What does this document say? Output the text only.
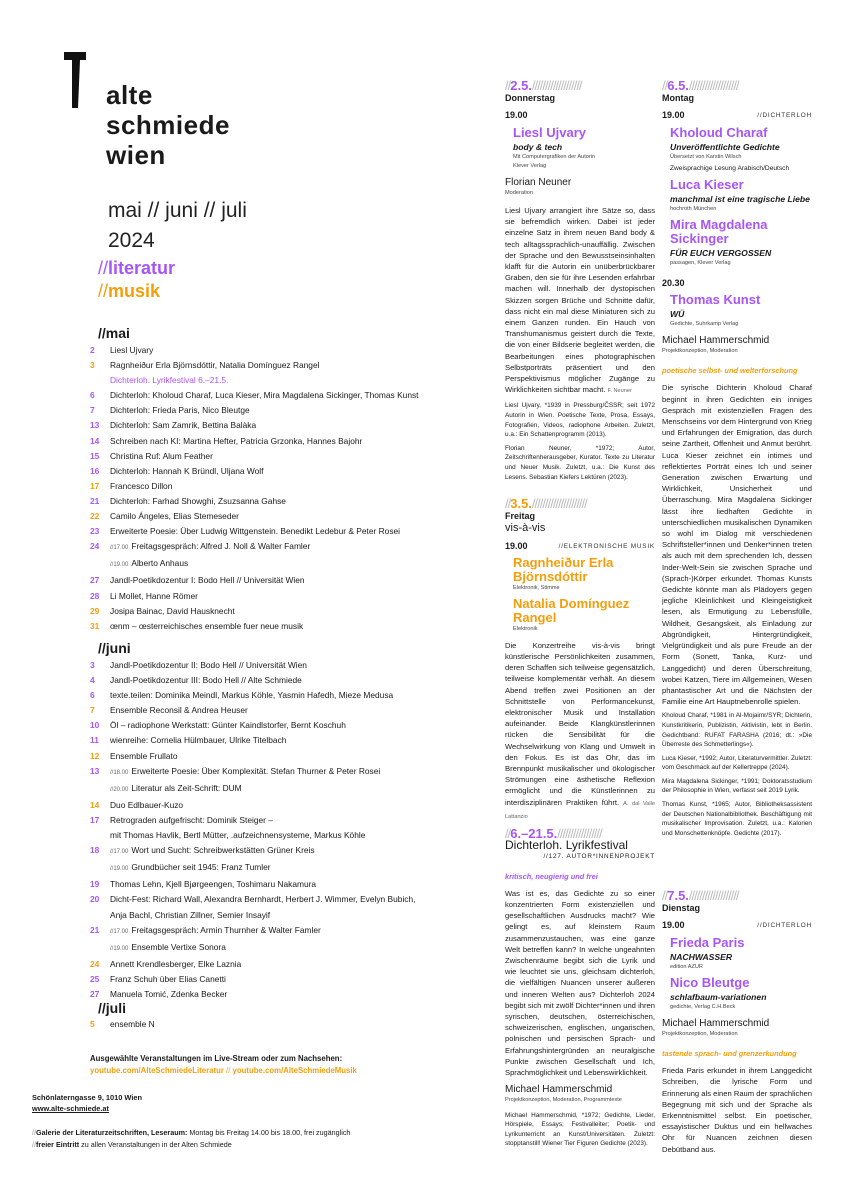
alte
schmiede
wien
mai // juni // juli
2024
//literatur
//musik
//mai
2	Liesl Ujvary
3	Ragnheiður Erla Björnsdóttir, Natalia Domínguez Rangel
Dichterloh. Lyrikfestival 6.–21.5.
6	Dichterloh: Kholoud Charaf, Luca Kieser, Mira Magdalena Sickinger, Thomas Kunst
7	Dichterloh: Frieda Paris, Nico Bleutge
13	Dichterloh: Sam Zamrik, Bettina Balàka
14	Schreiben nach KI: Martina Hefter, Patricia Grzonka, Hannes Bajohr
15	Christina Ruf: Alum Feather
16	Dichterloh: Hannah K Bründl, Uljana Wolf
17	Francesco Dillon
21	Dichterloh: Farhad Showghi, Zsuzsanna Gahse
22	Camilo Ángeles, Elias Stemeseder
23	Erweiterte Poesie: Über Ludwig Wittgenstein. Benedikt Ledebur & Peter Rosei
24	//17.00 Freitagsgespräch: Alfred J. Noll & Walter Famler
//19.00 Alberto Anhaus
27	Jandl-Poetikdozentur I: Bodo Hell // Universität Wien
28	Li Mollet, Hanne Römer
29	Josipa Bainac, David Hausknecht
31	œnm – œsterreichisches ensemble fuer neue musik
//juni
3	Jandl-Poetikdozentur II: Bodo Hell // Universität Wien
4	Jandl-Poetikdozentur III: Bodo Hell // Alte Schmiede
6	texte.teilen: Dominika Meindl, Markus Köhle, Yasmin Hafedh, Mieze Medusa
7	Ensemble Reconsil & Andrea Heuser
10	Öl – radiophone Werkstatt: Günter Kaindlstorfer, Bernt Koschuh
11	wienreihe: Cornelia Hülmbauer, Ulrike Titelbach
12	Ensemble Frullato
13	//18.00 Erweiterte Poesie: Über Komplexität. Stefan Thurner & Peter Rosei
//20.00 Literatur als Zeit-Schrift: DUM
14	Duo Edlbauer-Kuzo
17	Retrograden aufgefrischt: Dominik Steiger –
mit Thomas Havlik, Bertl Mütter, .aufzeichnensysteme, Markus Köhle
18	//17.00 Wort und Sucht: Schreibwerkstätten Grüner Kreis
//19.00 Grundbücher seit 1945: Franz Tumler
19	Thomas Lehn, Kjell Bjørgeengen, Toshimaru Nakamura
20	Dicht-Fest: Richard Wall, Alexandra Bernhardt, Herbert J. Wimmer, Evelyn Bubich,
Anja Bachl, Christian Zillner, Semier Insayif
21	//17.00 Freitagsgespräch: Armin Thurnher & Walter Famler
//19.00 Ensemble Vertixe Sonora
24	Annett Krendlesberger, Elke Laznia
25	Franz Schuh über Elias Canetti
27	Manuela Tomić, Zdenka Becker
//juli
5	ensemble N
Ausgewählte Veranstaltungen im Live-Stream oder zum Nachsehen:
youtube.com/AlteSchmiedeLiteratur // youtube.com/AlteSchmiedeMusik
Schönlaterngasse 9, 1010 Wien
www.alte-schmiede.at
//Galerie der Literaturzeitschriften, Leseraum: Montag bis Freitag 14.00 bis 18.00, frei zugänglich
//freier Eintritt zu allen Veranstaltungen in der Alten Schmiede
//2.5.///////////////////
Donnerstag
19.00
Liesl Ujvary
body & tech
Mit Computergrafiken der Autorin
Klever Verlag
Florian Neuner
Moderation
Liesl Ujvary arrangiert ihre Sätze so, dass sie befremdlich wirken. Dabei ist jeder einzelne Satz in ihrem neuen Band body & tech alltagssprachlich-unauffällig. Zwischen der Sprache und den Bewusstseinsinhalten klafft für die Autorin ein unüberbrückbarer Graben, den sie für ihre Lesenden erfahrbar machen will. Innerhalb der dystopischen Skizzen sorgen Brüche und Schnitte dafür, dass nicht ein mal diese Miniaturen sich zu einem Ganzen runden. Ein Hauch von Transhumanismus geistert durch die Texte, die von einer Bildserie begleitet werden, die Bearbeitungen eines photographischen Selbstporträts präsentiert und den Perspektivismus möglicher Zugänge zu Wirklichkeiten sichtbar macht. F. Neuner
Liesl Ujvary, *1939 in Pressburg/ČSSR; seit 1972 Autorin in Wien. Poetische Texte, Prosa, Essays, Fotografien, Videos, radiophone Arbeiten. Zuletzt, u.a.: Ein Schattenprogramm (2013).
Florian Neuner, *1972; Autor, Zeitschriftenherausgeber, Kurator. Texte zu Literatur und Neuer Musik. Zuletzt, u.a.: Die Kunst des Lesens. Sebastian Kiefers Lektüren (2023).
//3.5./////////////////////
Freitag
vis-à-vis
19.00	//ELEKTRONISCHE MUSIK
Ragnheiður Erla Björnsdóttir
Elektronik, Stimme
Natalia Domínguez Rangel
Elektronik
Die Konzertreihe vis-à-vis bringt künstlerische Persönlichkeiten zusammen, deren Schaffen sich teilweise gegensätzlich, teilweise komplementär verhält. An diesem Abend treffen zwei Positionen an der Schnittstelle von Performancekunst, elektronischer Musik und Installation aufeinander. Beide Klangkünstlerinnen rücken die Sensibilität für die Wechselwirkung von Klang und Umwelt in den Fokus. Es ist das Ohr, das im Brennpunkt musikalischer und ökologischer Strömungen eine ästhetische Reflexion ermöglicht und die Künstlerinnen zu interdisziplinären Praktiken führt. A. dal Valle Lattanzio
//6.–21.5./////////////////
Dichterloh. Lyrikfestival
//127. AUTOR*INNENPROJEKT
kritisch, neugierig und frei
Was ist es, das Gedichte zu so einer konzentrierten Form existenziellen und gesellschaftlichen Ausdrucks macht? Wie gelingt es, auf kleinstem Raum zusammenzustauchen, was eine ganze Welt betreffen kann? In welche ungeahnten Zwischenräume begibt sich die Lyrik und wie leuchtet sie uns, gleichsam dichterloh, die vielfältigen Nuancen unserer äußeren und inneren Welten aus? Dichterloh 2024 begibt sich mit zwölf Dichter*innen und ihren syrischen, deutschen, österreichischen, schweizerischen, englischen, ungarischen, polnischen und persischen Sprach- und Erfahrungshintergründen an neuralgische Punkte zwischen Gesellschaft und Ich, Sprachmöglichkeit und Lebenswirklichkeit.
Michael Hammerschmid
Projektkonzeption, Moderation, Programmtexte
Michael Hammerschmid, *1972; Gedichte, Lieder, Hörspiele, Essays; Festivalleiter; Poetik- und Lyrikunterricht an Kunst/Universitäten. Zuletzt: stopptanstill! Wiener Tier Figuren Gedichte (2023).
//6.5.///////////////////
Montag
19.00	//DICHTERLOH
Kholoud Charaf
Unveröffentlichte Gedichte
Übersetzt von Karstin Wilsch
Zweisprachige Lesung Arabisch/Deutsch
Luca Kieser
manchmal ist eine tragische Liebe
hochroth München
Mira Magdalena Sickinger
FÜR EUCH VERGOSSEN
passagen, Klever Verlag
20.30
Thomas Kunst
WÜ
Gedichte, Suhrkamp Verlag
Michael Hammerschmid
Projektkonzeption, Moderation
poetische selbst- und welterforschung
Die syrische Dichterin Kholoud Charaf beginnt in ihren Gedichten ein inniges Gespräch mit existenziellen Fragen des Menschseins vor dem Hintergrund von Krieg und Erfahrungen der Emigration, das durch seine Zartheit, Offenheit und Anmut berührt. Luca Kieser zeichnet ein intimes und reflektiertes Porträt eines Ich und seiner Generation zwischen Erwartung und Wirklichkeit, Unsicherheit und Überraschung. Mira Magdalena Sickinger lässt ihre liedhaften Gedichte in unterschiedlichen musikalischen Dynamiken so wohl im Dialog mit verschiedenen Schriftsteller*innen und Denker*innen treten als auch mit dem sprechenden Ich, dessen Inder-Welt-Sein sie zwischen Sprache und (Sprach-)Körper erkundet. Thomas Kunsts Gedichte könnte man als Plädoyers gegen jegliche Kleinlichkeit und Kleingeistigkeit lesen, als Ermutigung zu Lebensfülle, Wildheit, Gesangskeit, als Einladung zur Abgründigkeit, Hintergründigkeit, Vielgründigkeit und als pure Freude an der Form (Sonett, Tanka, Kurz- und Langgedicht) und deren Überschreitung, wobei Katzen, Tiere im Allgemeinen, Wesen phantastischer Art und die Nächsten der Familie eine Art Hauptnebenrolle spielen.
Kholoud Charaf, *1981 in Al-Mojaimr/SYR; Dichterin, Kunstkritikerin, Publizistin, Aktivistin, lebt in Berlin. Gedichtband: RUFAT FARASHA (2016; dt.: »Die Überreste des Schmetterlings«).
Luca Kieser, *1992; Autor, Literaturvermittler. Zuletzt: vom Geschmack auf der Kellertreppe (2024).
Mira Magdalena Sickinger, *1991; Doktoratsstudium der Philosophie in Wien, verfasst seit 2019 Lyrik.
Thomas Kunst, *1965; Autor, Bibliotheksassistent der Deutschen Nationalbibliothek. Beschäftigung mit musikalischer Improvisation. Zuletzt, u.a.: Kalorien und Monschettenknöpfe. Gedichte (2017).
//7.5.///////////////////
Dienstag
19.00	//DICHTERLOH
Frieda Paris
NACHWASSER
edition AZUR
Nico Bleutge
schlafbaum-variationen
gedichte, Verlag C.H.Beck
Michael Hammerschmid
Projektkonzeption, Moderation
tastende sprach- und grenzerkundung
Frieda Paris erkundet in ihrem Langgedicht Schreiben, die lyrische Form und Erinnerung als einen Raum der sprachlichen Begegnung mit sich und der Sprache als Erkenntnismittel selbst. Ein poetischer, essayistischer Duktus und ein hellwaches Ohr für Nuancen zeichnen diesen Debütband aus.
